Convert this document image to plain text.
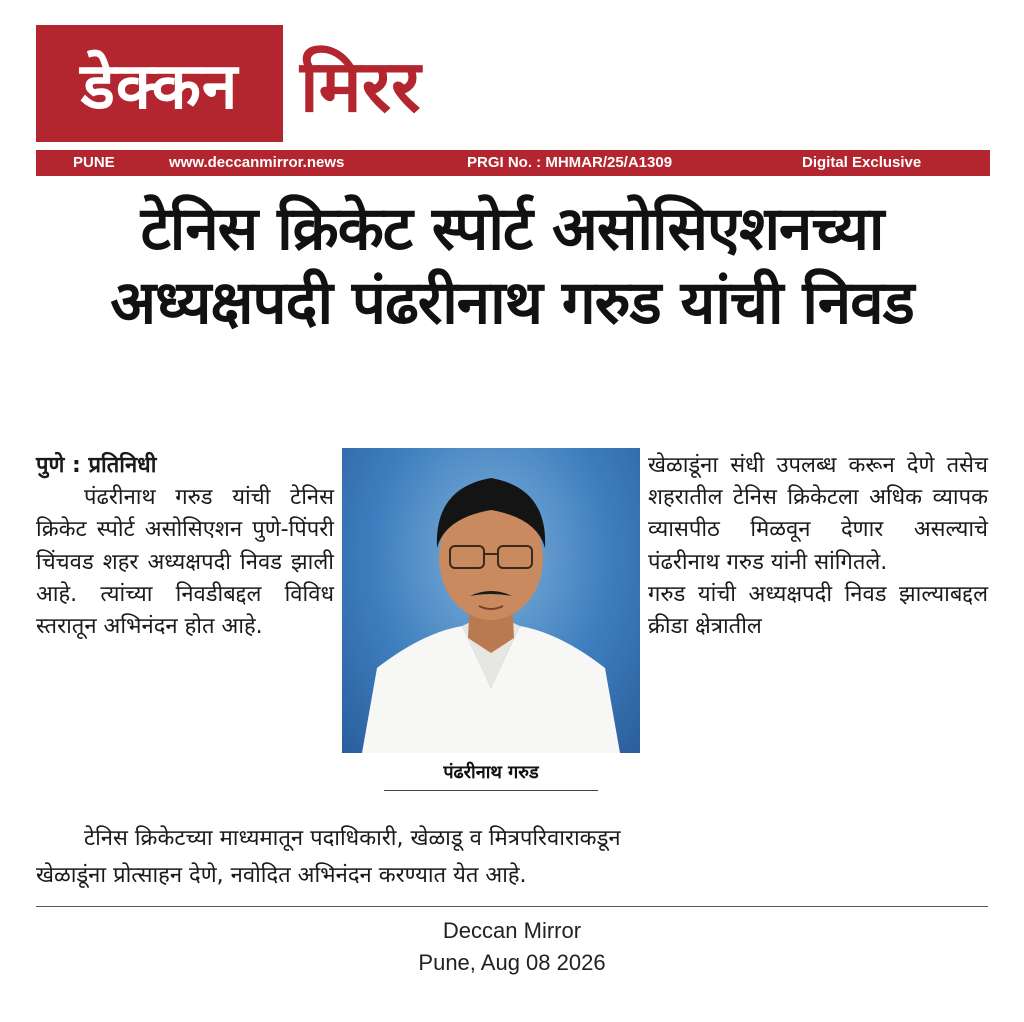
डेक्कन मिरर
PUNE	www.deccanmirror.news	PRGI No. : MHMAR/25/A1309	Digital Exclusive
टेनिस क्रिकेट स्पोर्ट असोसिएशनच्या
अध्यक्षपदी पंढरीनाथ गरुड यांची निवड

पुणे : प्रतिनिधी

पंढरीनाथ गरुड यांची टेनिस क्रिकेट स्पोर्ट असोसिएशन पुणे-पिंपरी चिंचवड शहर अध्यक्षपदी निवड झाली आहे. त्यांच्या निवडीबद्दल विविध स्तरातून अभिनंदन होत आहे.

पंढरीनाथ गरुड

खेळाडूंना संधी उपलब्ध करून देणे तसेच शहरातील टेनिस क्रिकेटला अधिक व्यापक व्यासपीठ मिळवून देणार असल्याचे पंढरीनाथ गरुड यांनी सांगितले.

गरुड यांची अध्यक्षपदी निवड झाल्याबद्दल क्रीडा क्षेत्रातील

टेनिस क्रिकेटच्या माध्यमातून पदाधिकारी, खेळाडू व मित्रपरिवाराकडून

खेळाडूंना प्रोत्साहन देणे, नवोदित अभिनंदन करण्यात येत आहे.

Deccan Mirror
Pune, Aug 08 2026
